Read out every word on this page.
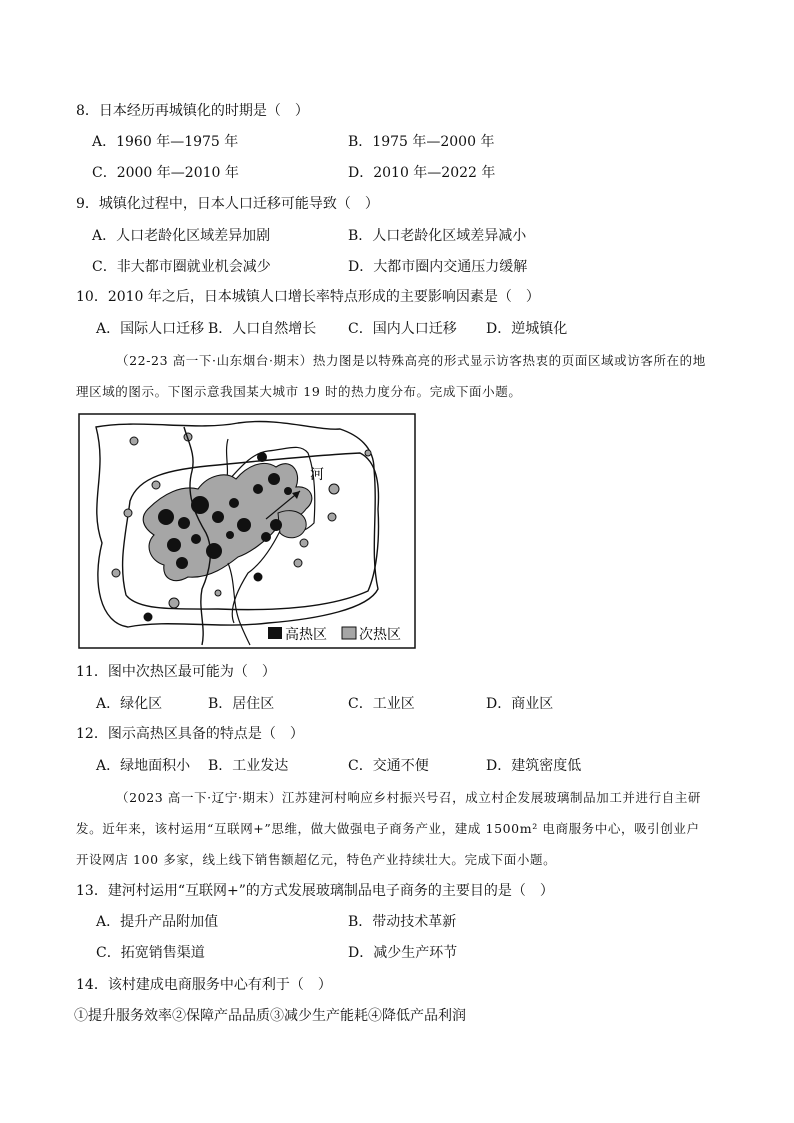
8．日本经历再城镇化的时期是（　）
A．1960 年—1975 年	B．1975 年—2000 年
C．2000 年—2010 年	D．2010 年—2022 年
9．城镇化过程中，日本人口迁移可能导致（　）
A．人口老龄化区域差异加剧	B．人口老龄化区域差异减小
C．非大都市圈就业机会减少	D．大都市圈内交通压力缓解
10．2010 年之后，日本城镇人口增长率特点形成的主要影响因素是（　）
A．国际人口迁移 B．人口自然增长 C．国内人口迁移 D．逆城镇化
（22-23 高一下·山东烟台·期末）热力图是以特殊高亮的形式显示访客热衷的页面区域或访客所在的地
理区域的图示。下图示意我国某大城市 19 时的热力度分布。完成下面小题。
河
高热区 次热区
11．图中次热区最可能为（　）
A．绿化区	B．居住区	C．工业区	D．商业区
12．图示高热区具备的特点是（　）
A．绿地面积小 B．工业发达	C．交通不便	D．建筑密度低
（2023 高一下·辽宁·期末）江苏建河村响应乡村振兴号召，成立村企发展玻璃制品加工并进行自主研
发。近年来，该村运用“互联网+”思维，做大做强电子商务产业，建成 1500m² 电商服务中心，吸引创业户
开设网店 100 多家，线上线下销售额超亿元，特色产业持续壮大。完成下面小题。
13．建河村运用“互联网+”的方式发展玻璃制品电子商务的主要目的是（　）
A．提升产品附加值	B．带动技术革新
C．拓宽销售渠道	D．减少生产环节
14．该村建成电商服务中心有利于（　）
①提升服务效率②保障产品品质③减少生产能耗④降低产品利润
